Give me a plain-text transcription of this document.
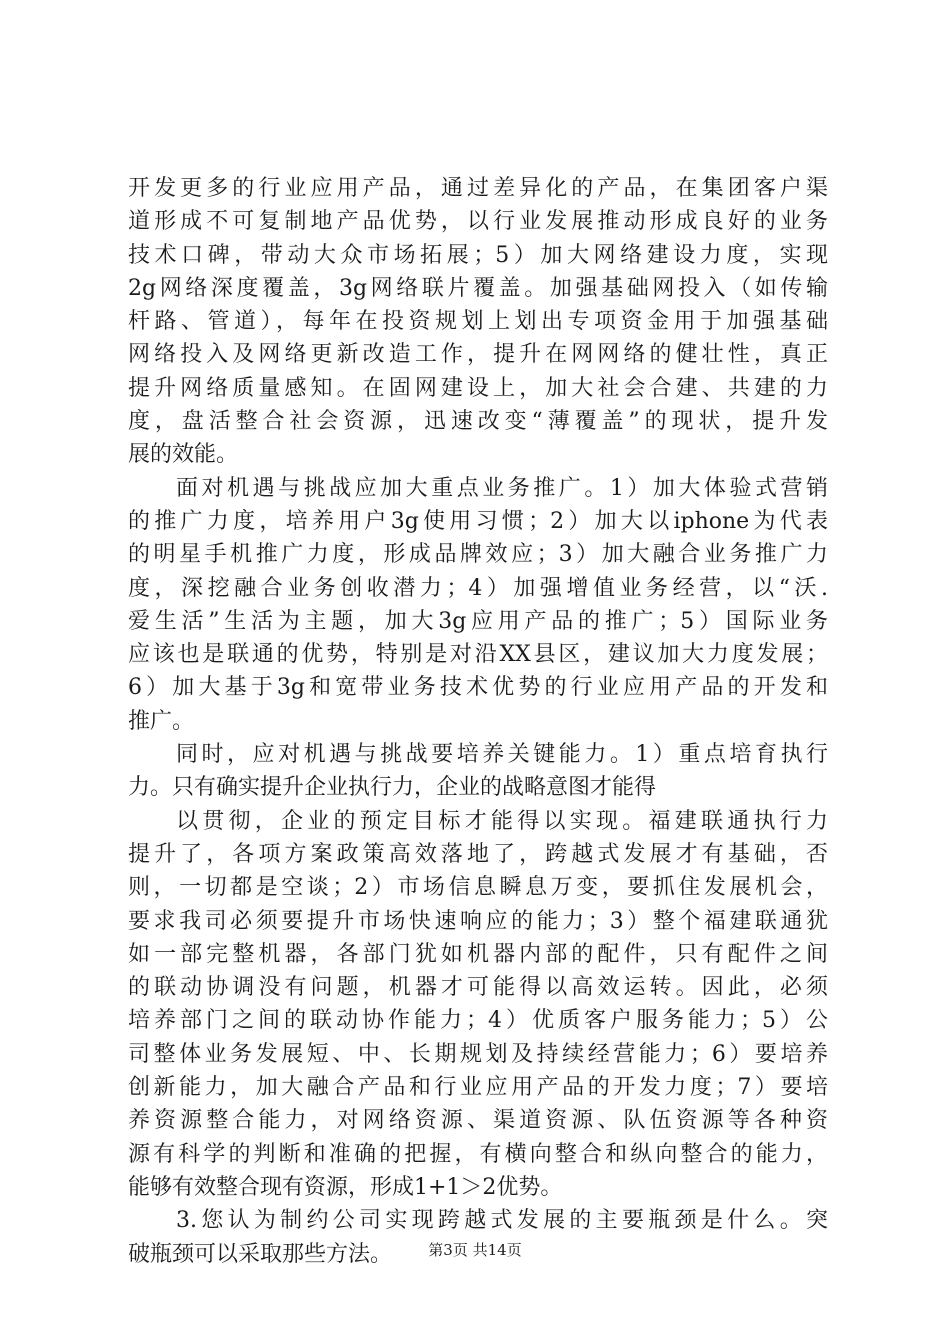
开发更多的行业应用产品，通过差异化的产品，在集团客户渠
道形成不可复制地产品优势，以行业发展推动形成良好的业务
技术口碑，带动大众市场拓展；5）加大网络建设力度，实现
2g网络深度覆盖，3g网络联片覆盖。加强基础网投入（如传输
杆路、管道），每年在投资规划上划出专项资金用于加强基础
网络投入及网络更新改造工作，提升在网网络的健壮性，真正
提升网络质量感知。在固网建设上，加大社会合建、共建的力
度，盘活整合社会资源，迅速改变“薄覆盖”的现状，提升发
展的效能。
面对机遇与挑战应加大重点业务推广。1）加大体验式营销
的推广力度，培养用户3g使用习惯；2）加大以iphone为代表
的明星手机推广力度，形成品牌效应；3）加大融合业务推广力
度，深挖融合业务创收潜力；4）加强增值业务经营，以“沃.
爱生活”生活为主题，加大3g应用产品的推广；5）国际业务
应该也是联通的优势，特别是对沿XX县区，建议加大力度发展；
6）加大基于3g和宽带业务技术优势的行业应用产品的开发和
推广。
同时，应对机遇与挑战要培养关键能力。1）重点培育执行
力。只有确实提升企业执行力，企业的战略意图才能得
以贯彻，企业的预定目标才能得以实现。福建联通执行力
提升了，各项方案政策高效落地了，跨越式发展才有基础，否
则，一切都是空谈；2）市场信息瞬息万变，要抓住发展机会，
要求我司必须要提升市场快速响应的能力；3）整个福建联通犹
如一部完整机器，各部门犹如机器内部的配件，只有配件之间
的联动协调没有问题，机器才可能得以高效运转。因此，必须
培养部门之间的联动协作能力；4）优质客户服务能力；5）公
司整体业务发展短、中、长期规划及持续经营能力；6）要培养
创新能力，加大融合产品和行业应用产品的开发力度；7）要培
养资源整合能力，对网络资源、渠道资源、队伍资源等各种资
源有科学的判断和准确的把握，有横向整合和纵向整合的能力，
能够有效整合现有资源，形成1+1＞2优势。
3.您认为制约公司实现跨越式发展的主要瓶颈是什么。突
破瓶颈可以采取那些方法。	第3页 共14页
